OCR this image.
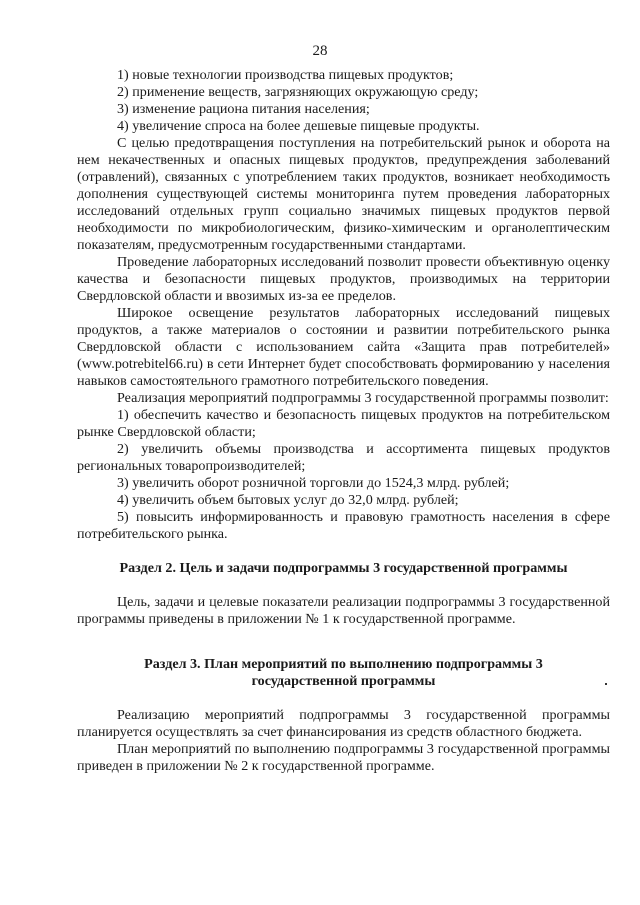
28

1) новые технологии производства пищевых продуктов;

2) применение веществ, загрязняющих окружающую среду;

3) изменение рациона питания населения;

4) увеличение спроса на более дешевые пищевые продукты.

С целью предотвращения поступления на потребительский рынок и оборота на нем некачественных и опасных пищевых продуктов, предупреждения заболеваний (отравлений), связанных с употреблением таких продуктов, возникает необходимость дополнения существующей системы мониторинга путем проведения лабораторных исследований отдельных групп социально значимых пищевых продуктов первой необходимости по микробиологическим, физико-химическим и органолептическим показателям, предусмотренным государственными стандартами.

Проведение лабораторных исследований позволит провести объективную оценку качества и безопасности пищевых продуктов, производимых на территории Свердловской области и ввозимых из-за ее пределов.

Широкое освещение результатов лабораторных исследований пищевых продуктов, а также материалов о состоянии и развитии потребительского рынка Свердловской области с использованием сайта «Защита прав потребителей» (www.potrebitel66.ru) в сети Интернет будет способствовать формированию у населения навыков самостоятельного грамотного потребительского поведения.

Реализация мероприятий подпрограммы 3 государственной программы позволит:

1) обеспечить качество и безопасность пищевых продуктов на потребительском рынке Свердловской области;

2) увеличить объемы производства и ассортимента пищевых продуктов региональных товаропроизводителей;

3) увеличить оборот розничной торговли до 1524,3 млрд. рублей;

4) увеличить объем бытовых услуг до 32,0 млрд. рублей;

5) повысить информированность и правовую грамотность населения в сфере потребительского рынка.

Раздел 2. Цель и задачи подпрограммы 3 государственной программы

Цель, задачи и целевые показатели реализации подпрограммы 3 государственной программы приведены в приложении № 1 к государственной программе.

Раздел 3. План мероприятий по выполнению подпрограммы 3

государственной программы

Реализацию мероприятий подпрограммы 3 государственной программы планируется осуществлять за счет финансирования из средств областного бюджета.

План мероприятий по выполнению подпрограммы 3 государственной программы приведен в приложении № 2 к государственной программе.
